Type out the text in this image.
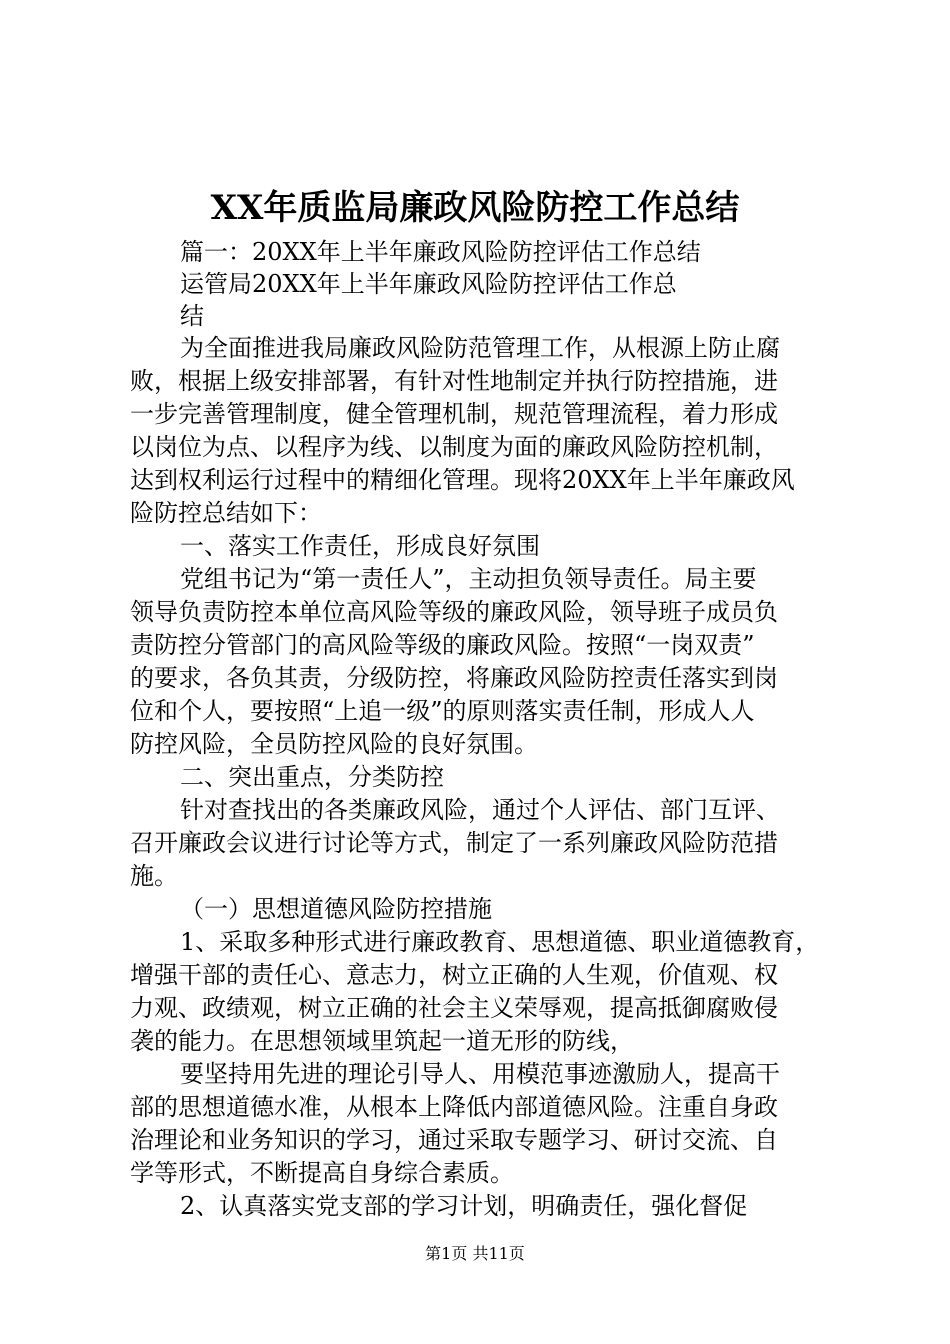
XX年质监局廉政风险防控工作总结
篇一：20XX年上半年廉政风险防控评估工作总结
运管局20XX年上半年廉政风险防控评估工作总
结
为全面推进我局廉政风险防范管理工作，从根源上防止腐
败，根据上级安排部署，有针对性地制定并执行防控措施，进
一步完善管理制度，健全管理机制，规范管理流程，着力形成
以岗位为点、以程序为线、以制度为面的廉政风险防控机制，
达到权利运行过程中的精细化管理。现将20XX年上半年廉政风
险防控总结如下：
一、落实工作责任，形成良好氛围
党组书记为“第一责任人”，主动担负领导责任。局主要
领导负责防控本单位高风险等级的廉政风险，领导班子成员负
责防控分管部门的高风险等级的廉政风险。按照“一岗双责”
的要求，各负其责，分级防控，将廉政风险防控责任落实到岗
位和个人，要按照“上追一级”的原则落实责任制，形成人人
防控风险，全员防控风险的良好氛围。
二、突出重点，分类防控
针对查找出的各类廉政风险，通过个人评估、部门互评、
召开廉政会议进行讨论等方式，制定了一系列廉政风险防范措
施。
（一）思想道德风险防控措施
1、采取多种形式进行廉政教育、思想道德、职业道德教育，
增强干部的责任心、意志力，树立正确的人生观，价值观、权
力观、政绩观，树立正确的社会主义荣辱观，提高抵御腐败侵
袭的能力。在思想领域里筑起一道无形的防线，
要坚持用先进的理论引导人、用模范事迹激励人，提高干
部的思想道德水准，从根本上降低内部道德风险。注重自身政
治理论和业务知识的学习，通过采取专题学习、研讨交流、自
学等形式，不断提高自身综合素质。
2、认真落实党支部的学习计划，明确责任，强化督促
第1页 共11页
